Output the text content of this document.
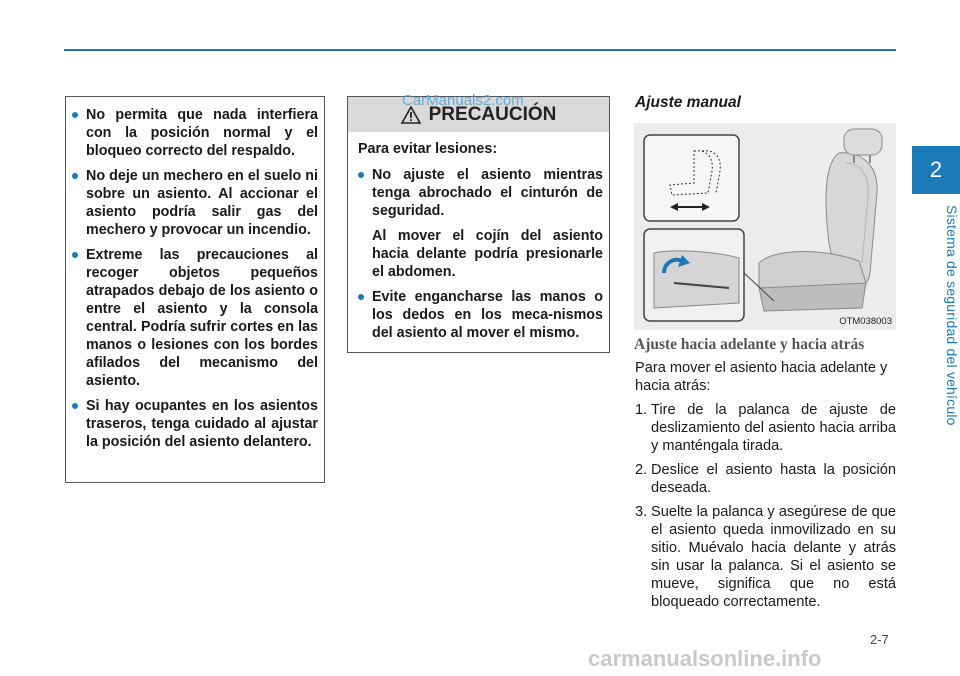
2
Sistema de seguridad del vehículo
No permita que nada interfiera con la posición normal y el bloqueo correcto del respaldo.
No deje un mechero en el suelo ni sobre un asiento. Al accionar el asiento podría salir gas del mechero y provocar un incendio.
Extreme las precauciones al recoger objetos pequeños atrapados debajo de los asiento o entre el asiento y la consola central. Podría sufrir cortes en las manos o lesiones con los bordes afilados del mecanismo del asiento.
Si hay ocupantes en los asientos traseros, tenga cuidado al ajustar la posición del asiento delantero.
PRECAUCIÓN
Para evitar lesiones:
No ajuste el asiento mientras tenga abrochado el cinturón de seguridad.
Al mover el cojín del asiento hacia delante podría presionarle el abdomen.
Evite engancharse las manos o los dedos en los meca-nismos del asiento al mover el mismo.
CarManuals2.com	Ajuste manual
OTM038003
Ajuste hacia adelante y hacia atrás

Para mover el asiento hacia adelante y hacia atrás:

1. Tire de la palanca de ajuste de deslizamiento del asiento hacia arriba y manténgala tirada.
2. Deslice el asiento hasta la posición deseada.
3. Suelte la palanca y asegúrese de que el asiento queda inmovilizado en su sitio. Muévalo hacia delante y atrás sin usar la palanca. Si el asiento se mueve, significa que no está bloqueado correctamente.
2-7
carmanualsonline.info
